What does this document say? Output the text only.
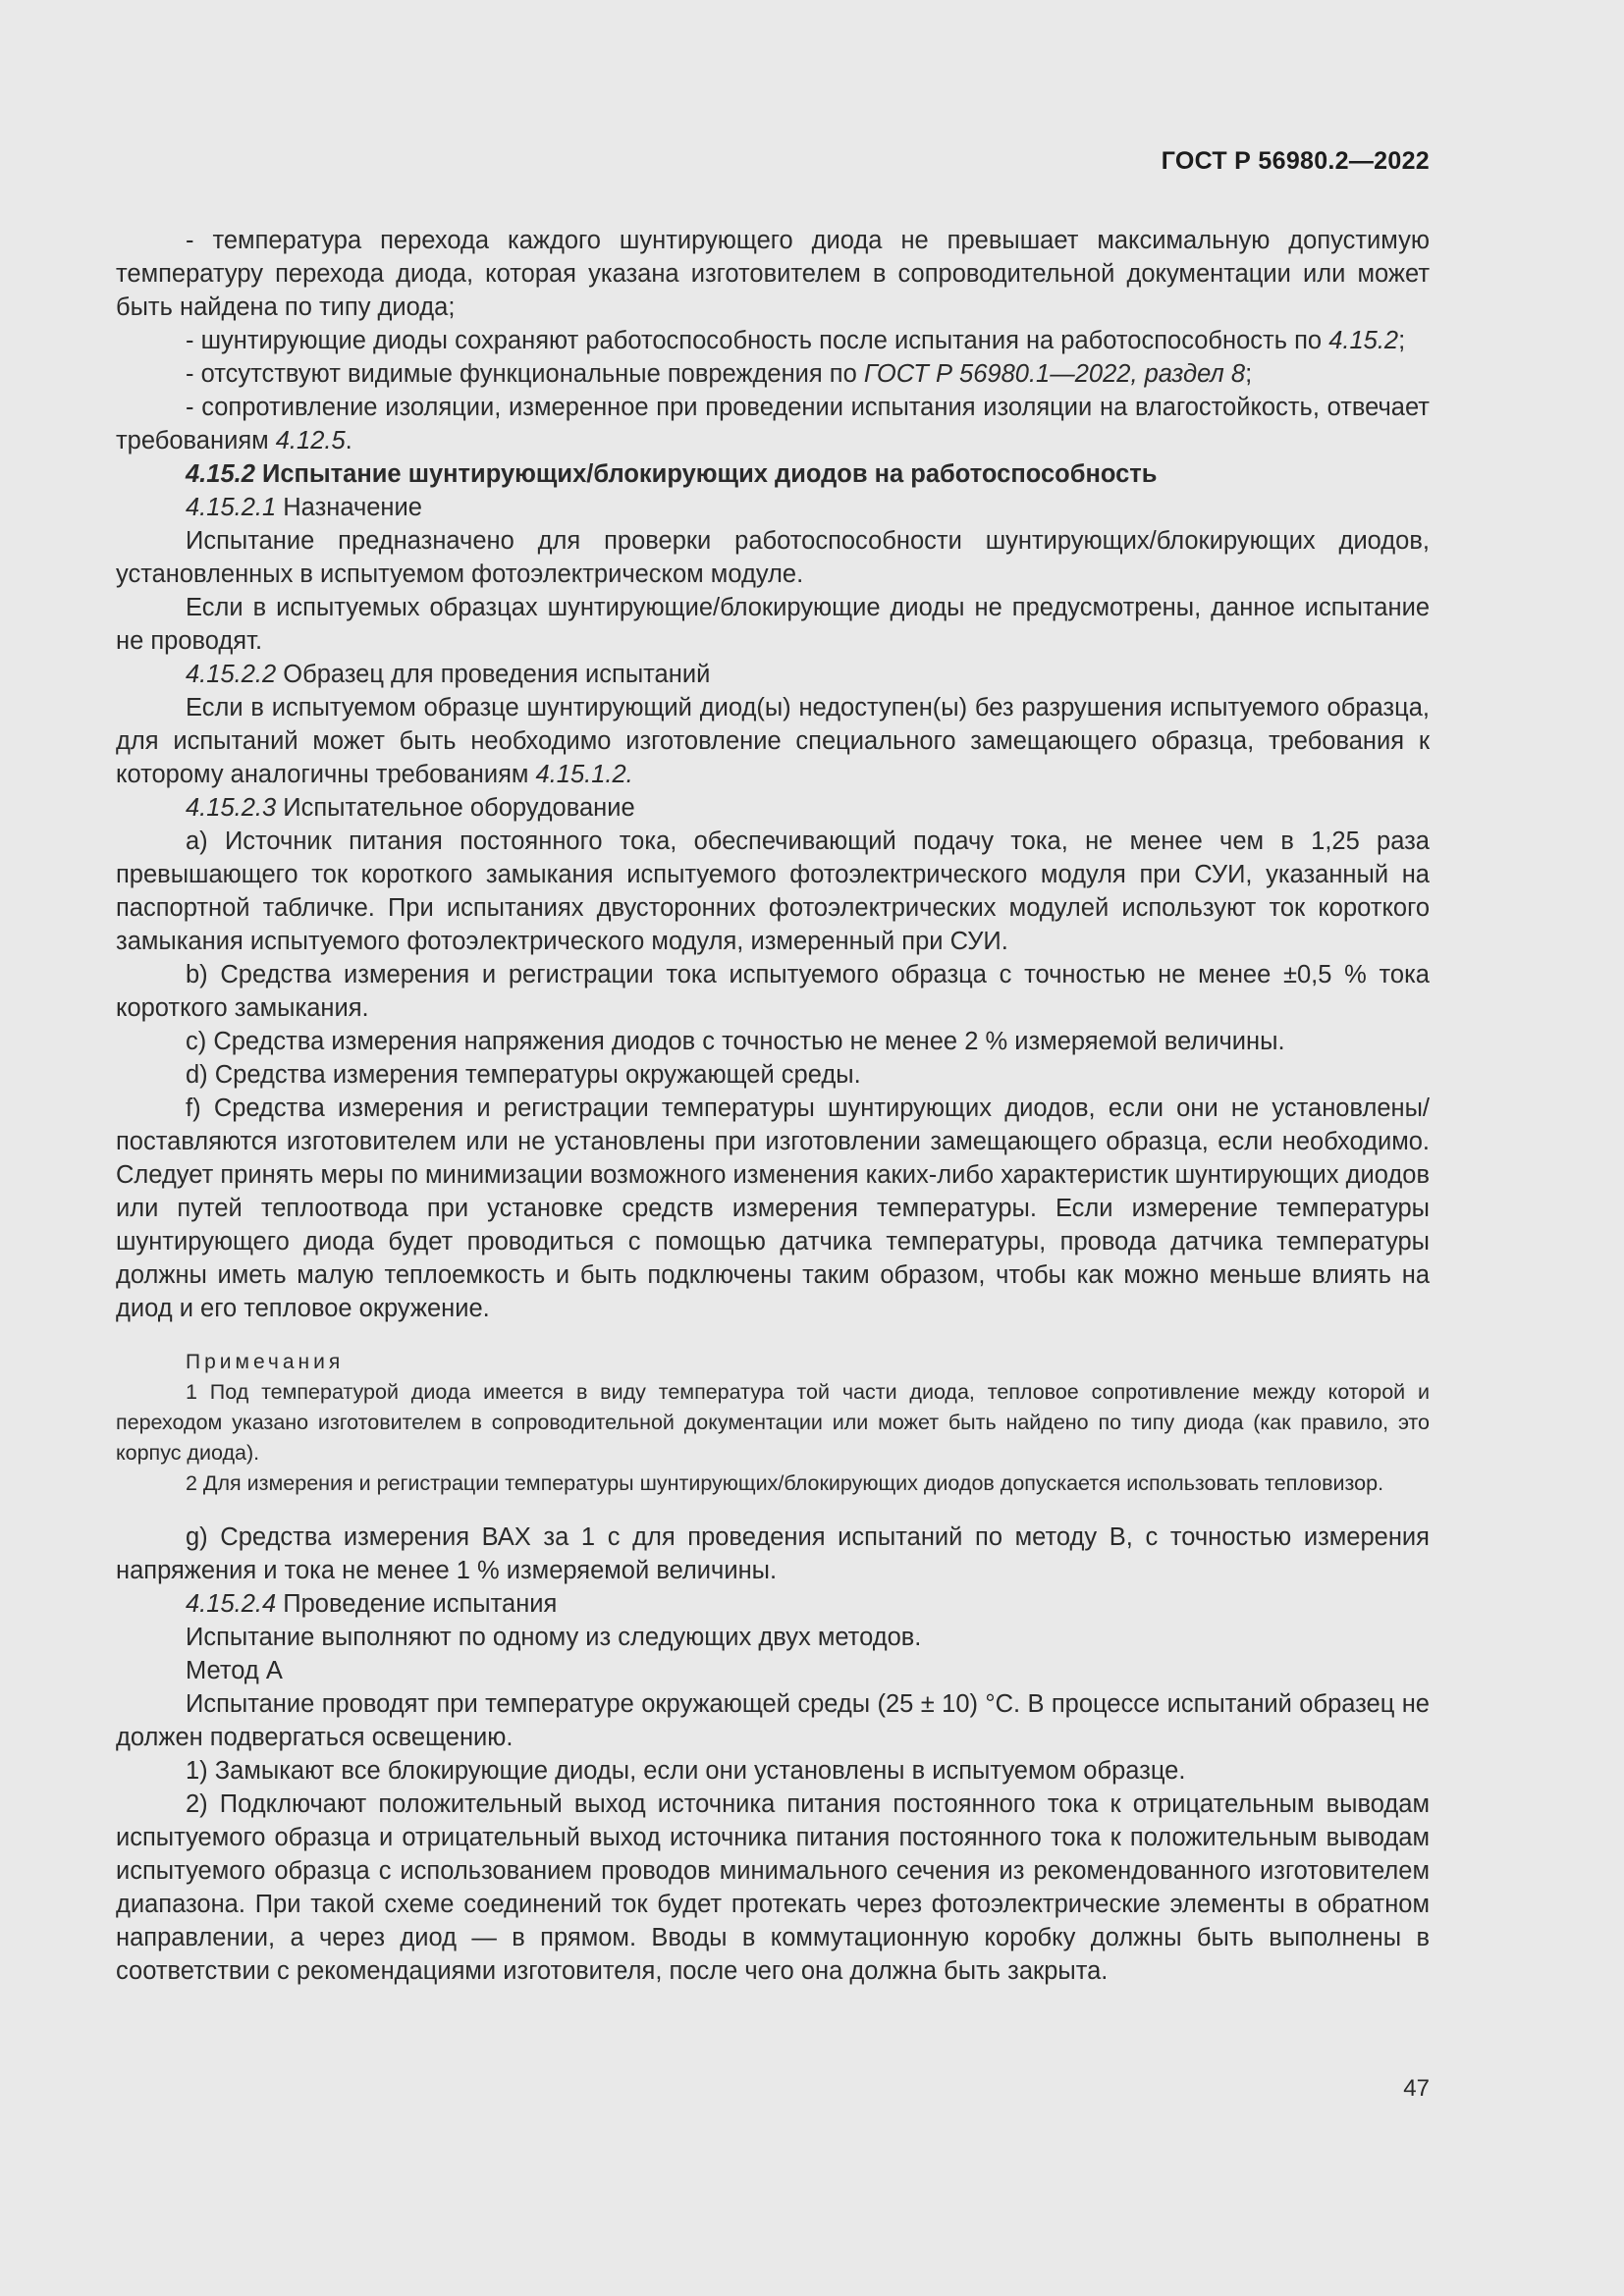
ГОСТ Р 56980.2—2022

- температура перехода каждого шунтирующего диода не превышает максимальную допустимую температуру перехода диода, которая указана изготовителем в сопроводительной документации или может быть найдена по типу диода;

- шунтирующие диоды сохраняют работоспособность после испытания на работоспособность по 4.15.2;

- отсутствуют видимые функциональные повреждения по ГОСТ Р 56980.1—2022, раздел 8;

- сопротивление изоляции, измеренное при проведении испытания изоляции на влагостойкость, отвечает требованиям 4.12.5.

4.15.2 Испытание шунтирующих/блокирующих диодов на работоспособность

4.15.2.1 Назначение

Испытание предназначено для проверки работоспособности шунтирующих/блокирующих диодов, установленных в испытуемом фотоэлектрическом модуле.

Если в испытуемых образцах шунтирующие/блокирующие диоды не предусмотрены, данное испытание не проводят.

4.15.2.2 Образец для проведения испытаний

Если в испытуемом образце шунтирующий диод(ы) недоступен(ы) без разрушения испытуемого образца, для испытаний может быть необходимо изготовление специального замещающего образца, требования к которому аналогичны требованиям 4.15.1.2.

4.15.2.3 Испытательное оборудование

a) Источник питания постоянного тока, обеспечивающий подачу тока, не менее чем в 1,25 раза превышающего ток короткого замыкания испытуемого фотоэлектрического модуля при СУИ, указанный на паспортной табличке. При испытаниях двусторонних фотоэлектрических модулей используют ток короткого замыкания испытуемого фотоэлектрического модуля, измеренный при СУИ.

b) Средства измерения и регистрации тока испытуемого образца с точностью не менее ±0,5 % тока короткого замыкания.

c) Средства измерения напряжения диодов с точностью не менее 2 % измеряемой величины.

d) Средства измерения температуры окружающей среды.

f) Средства измерения и регистрации температуры шунтирующих диодов, если они не установлены/поставляются изготовителем или не установлены при изготовлении замещающего образца, если необходимо. Следует принять меры по минимизации возможного изменения каких-либо характеристик шунтирующих диодов или путей теплоотвода при установке средств измерения температуры. Если измерение температуры шунтирующего диода будет проводиться с помощью датчика температуры, провода датчика температуры должны иметь малую теплоемкость и быть подключены таким образом, чтобы как можно меньше влиять на диод и его тепловое окружение.

Примечания

1 Под температурой диода имеется в виду температура той части диода, тепловое сопротивление между которой и переходом указано изготовителем в сопроводительной документации или может быть найдено по типу диода (как правило, это корпус диода).

2 Для измерения и регистрации температуры шунтирующих/блокирующих диодов допускается использовать тепловизор.

g) Средства измерения ВАХ за 1 с для проведения испытаний по методу B, с точностью измерения напряжения и тока не менее 1 % измеряемой величины.

4.15.2.4 Проведение испытания

Испытание выполняют по одному из следующих двух методов.

Метод А

Испытание проводят при температуре окружающей среды (25 ± 10) °С. В процессе испытаний образец не должен подвергаться освещению.

1) Замыкают все блокирующие диоды, если они установлены в испытуемом образце.

2) Подключают положительный выход источника питания постоянного тока к отрицательным выводам испытуемого образца и отрицательный выход источника питания постоянного тока к положительным выводам испытуемого образца с использованием проводов минимального сечения из рекомендованного изготовителем диапазона. При такой схеме соединений ток будет протекать через фотоэлектрические элементы в обратном направлении, а через диод — в прямом. Вводы в коммутационную коробку должны быть выполнены в соответствии с рекомендациями изготовителя, после чего она должна быть закрыта.

47
